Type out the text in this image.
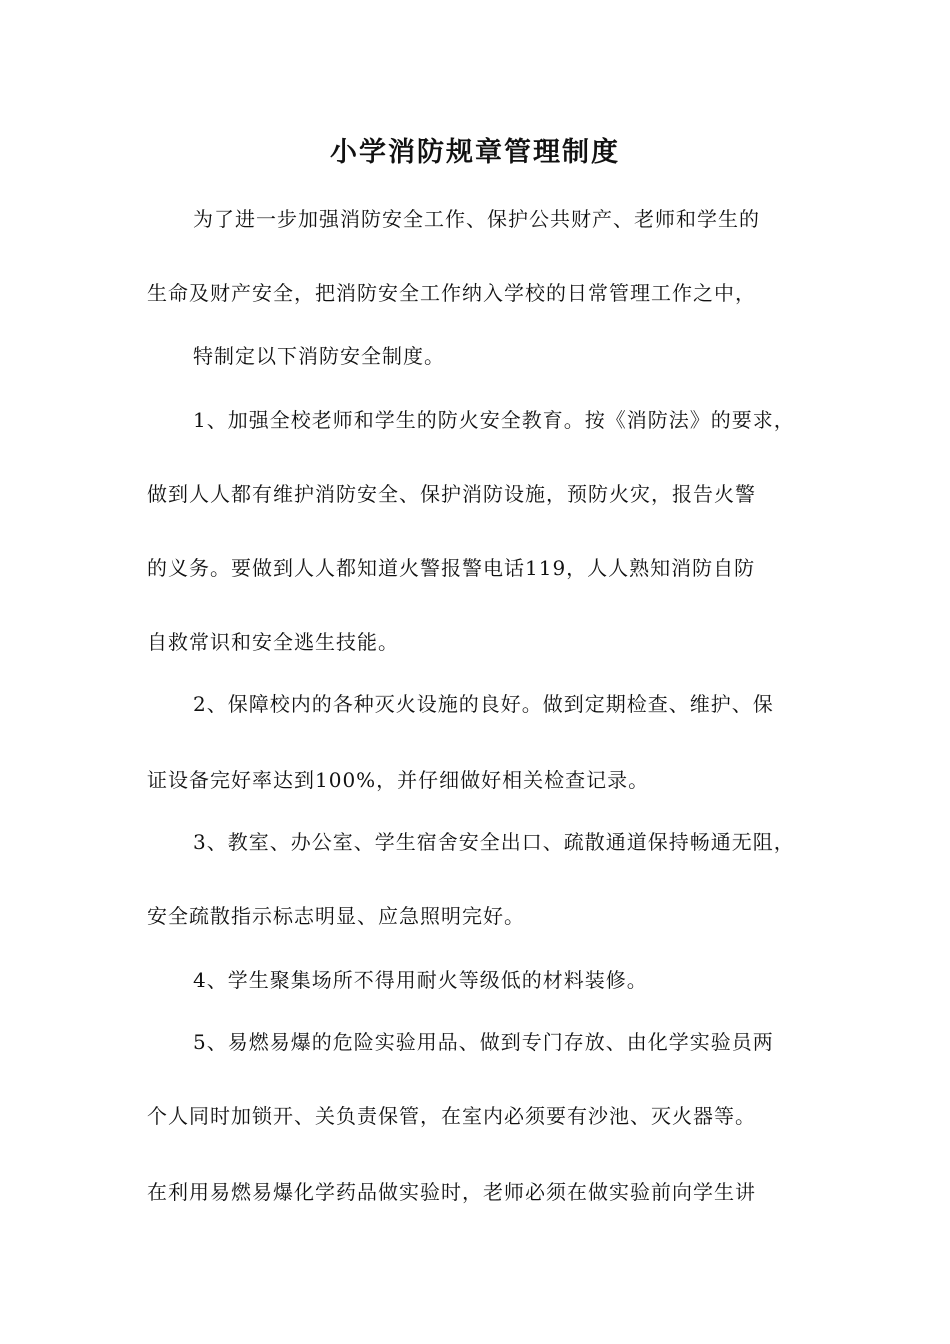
小学消防规章管理制度
为了进一步加强消防安全工作、保护公共财产、老师和学生的
生命及财产安全，把消防安全工作纳入学校的日常管理工作之中，
特制定以下消防安全制度。
1、加强全校老师和学生的防火安全教育。按《消防法》的要求，
做到人人都有维护消防安全、保护消防设施，预防火灾，报告火警
的义务。要做到人人都知道火警报警电话119，人人熟知消防自防
自救常识和安全逃生技能。
2、保障校内的各种灭火设施的良好。做到定期检查、维护、保
证设备完好率达到100%，并仔细做好相关检查记录。
3、教室、办公室、学生宿舍安全出口、疏散通道保持畅通无阻，
安全疏散指示标志明显、应急照明完好。
4、学生聚集场所不得用耐火等级低的材料装修。
5、易燃易爆的危险实验用品、做到专门存放、由化学实验员两
个人同时加锁开、关负责保管，在室内必须要有沙池、灭火器等。
在利用易燃易爆化学药品做实验时，老师必须在做实验前向学生讲
